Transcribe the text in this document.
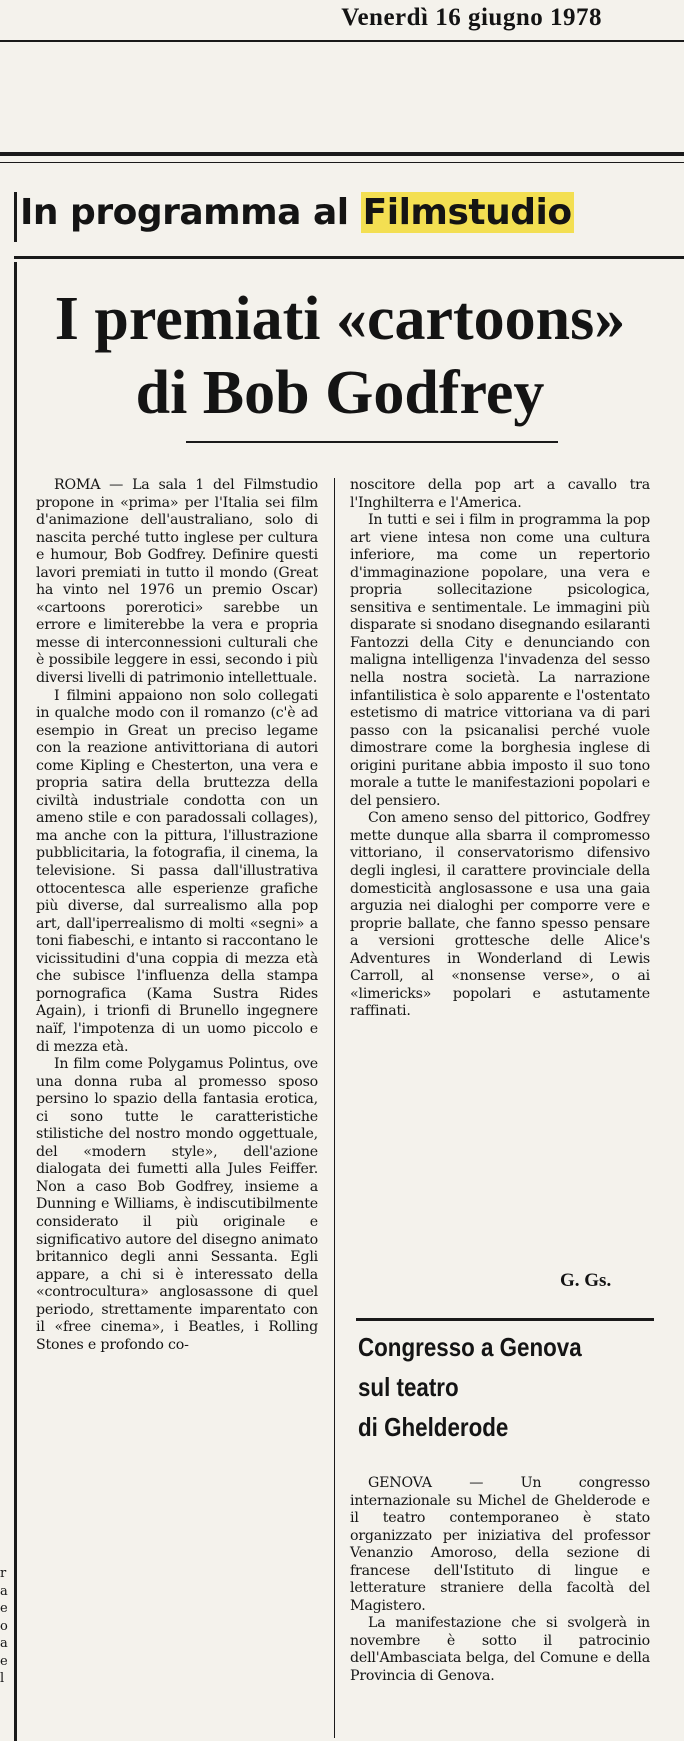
Venerdì 16 giugno 1978
In programma al Filmstudio
I premiati «cartoons»
di Bob Godfrey

ROMA — La sala 1 del Filmstudio propone in «prima» per l'Italia sei film d'animazione dell'australiano, solo di nascita perché tutto inglese per cultura e humour, Bob Godfrey. Definire questi lavori premiati in tutto il mondo (Great ha vinto nel 1976 un premio Oscar) «cartoons porerotici» sarebbe un errore e limiterebbe la vera e propria messe di interconnessioni culturali che è possibile leggere in essi, secondo i più diversi livelli di patrimonio intellettuale.

I filmini appaiono non solo collegati in qualche modo con il romanzo (c'è ad esempio in Great un preciso legame con la reazione antivittoriana di autori come Kipling e Chesterton, una vera e propria satira della bruttezza della civiltà industriale condotta con un ameno stile e con paradossali collages), ma anche con la pittura, l'illustrazione pubblicitaria, la fotografia, il cinema, la televisione. Si passa dall'illustrativa ottocentesca alle esperienze grafiche più diverse, dal surrealismo alla pop art, dall'iperrealismo di molti «segni» a toni fiabeschi, e intanto si raccontano le vicissitudini d'una coppia di mezza età che subisce l'influenza della stampa pornografica (Kama Sustra Rides Again), i trionfi di Brunello ingegnere naïf, l'impotenza di un uomo piccolo e di mezza età.

In film come Polygamus Polintus, ove una donna ruba al promesso sposo persino lo spazio della fantasia erotica, ci sono tutte le caratteristiche stilistiche del nostro mondo oggettuale, del «modern style», dell'azione dialogata dei fumetti alla Jules Feiffer. Non a caso Bob Godfrey, insieme a Dunning e Williams, è indiscutibilmente considerato il più originale e significativo autore del disegno animato britannico degli anni Sessanta. Egli appare, a chi si è interessato della «controcultura» anglosassone di quel periodo, strettamente imparentato con il «free cinema», i Beatles, i Rolling Stones e profondo co-

noscitore della pop art a cavallo tra l'Inghilterra e l'America.

In tutti e sei i film in programma la pop art viene intesa non come una cultura inferiore, ma come un repertorio d'immaginazione popolare, una vera e propria sollecitazione psicologica, sensitiva e sentimentale. Le immagini più disparate si snodano disegnando esilaranti Fantozzi della City e denunciando con maligna intelligenza l'invadenza del sesso nella nostra società. La narrazione infantilistica è solo apparente e l'ostentato estetismo di matrice vittoriana va di pari passo con la psicanalisi perché vuole dimostrare come la borghesia inglese di origini puritane abbia imposto il suo tono morale a tutte le manifestazioni popolari e del pensiero.

Con ameno senso del pittorico, Godfrey mette dunque alla sbarra il compromesso vittoriano, il conservatorismo difensivo degli inglesi, il carattere provinciale della domesticità anglosassone e usa una gaia arguzia nei dialoghi per comporre vere e proprie ballate, che fanno spesso pensare a versioni grottesche delle Alice's Adventures in Wonderland di Lewis Carroll, al «nonsense verse», o ai «limericks» popolari e astutamente raffinati.

G. Gs.
Congresso a Genova
sul teatro
di Ghelderode

GENOVA — Un congresso internazionale su Michel de Ghelderode e il teatro contemporaneo è stato organizzato per iniziativa del professor Venanzio Amoroso, della sezione di francese dell'Istituto di lingue e letterature straniere della facoltà del Magistero.

La manifestazione che si svolgerà in novembre è sotto il patrocinio dell'Ambasciata belga, del Comune e della Provincia di Genova.

r
a
e
o
a
e
l
